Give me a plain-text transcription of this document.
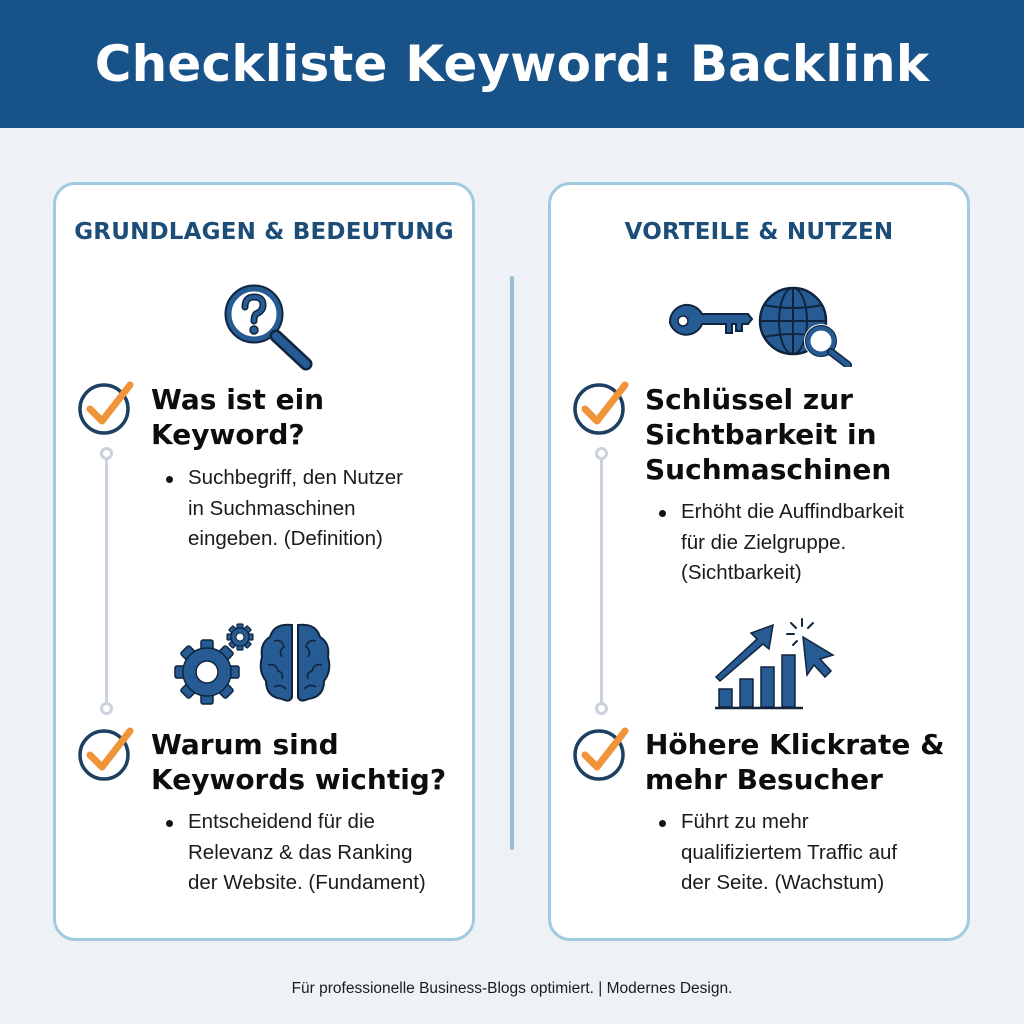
Checkliste Keyword: Backlink
GRUNDLAGEN & BEDEUTUNG
Was ist ein
Keyword?
Suchbegriff, den Nutzer
in Suchmaschinen
eingeben. (Definition)
Warum sind
Keywords wichtig?
Entscheidend für die
Relevanz & das Ranking
der Website. (Fundament)
VORTEILE & NUTZEN
Schlüssel zur
Sichtbarkeit in
Suchmaschinen
Erhöht die Auffindbarkeit
für die Zielgruppe.
(Sichtbarkeit)
Höhere Klickrate &
mehr Besucher
Führt zu mehr
qualifiziertem Traffic auf
der Seite. (Wachstum)
Für professionelle Business-Blogs optimiert. | Modernes Design.
